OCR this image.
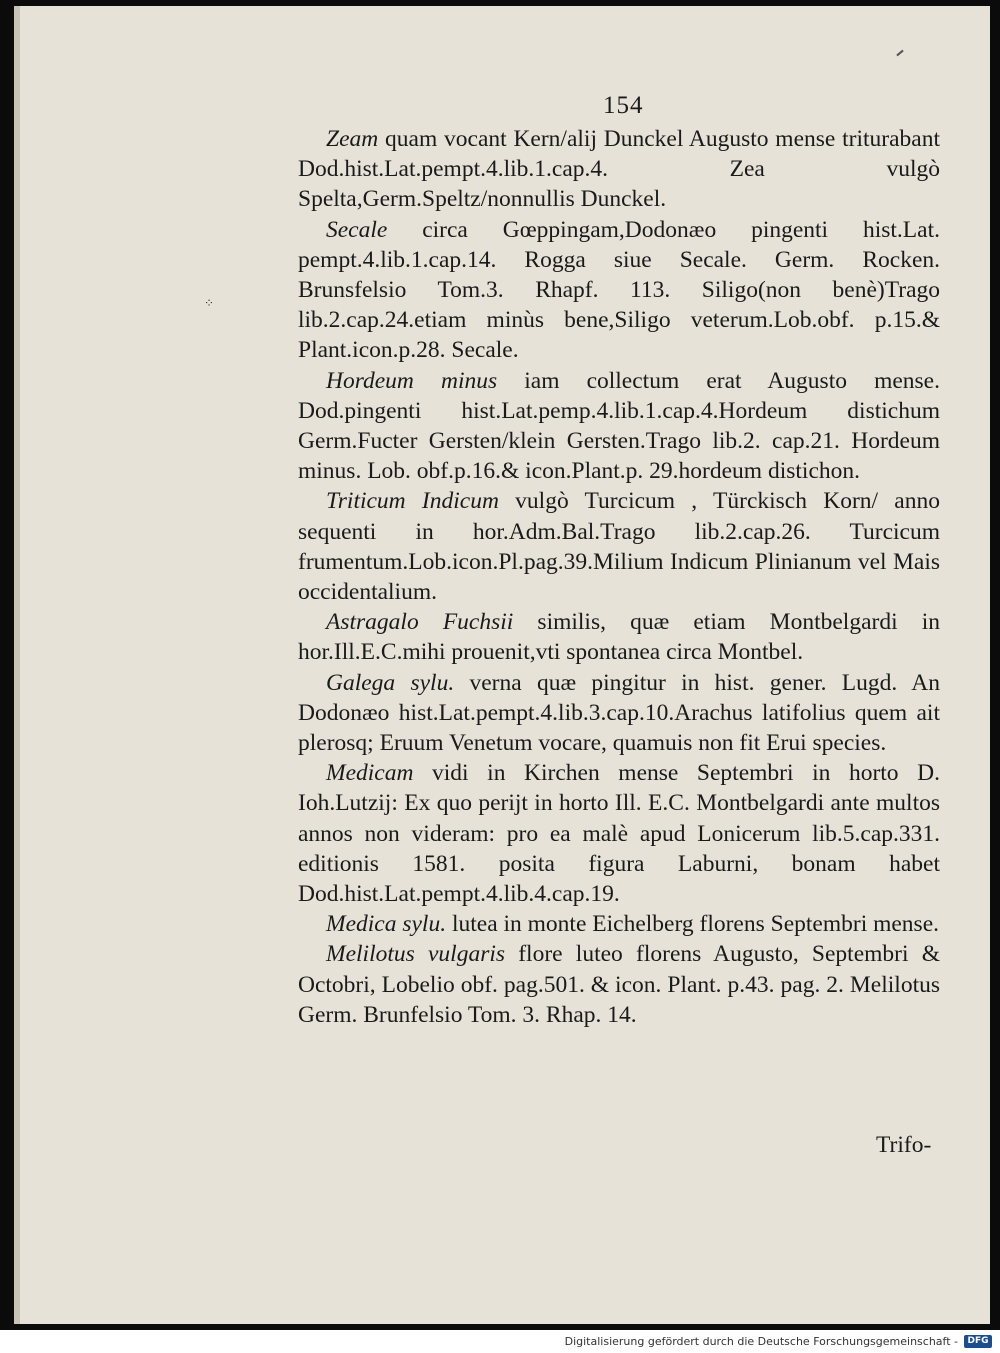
⁘
154

Zeam quam vocant Kern/alij Dunckel Augusto mense triturabant Dod.hist.Lat.pempt.4.lib.1.cap.4. Zea vulgò Spelta,Germ.Speltz/nonnullis Dunckel.

Secale circa Gœppingam,Dodonæo pingenti hist.Lat. pempt.4.lib.1.cap.14. Rogga siue Secale. Germ. Rocken. Brunsfelsio Tom.3. Rhapf. 113. Siligo(non benè)Trago lib.2.cap.24.etiam minùs bene,Siligo veterum.Lob.obf. p.15.& Plant.icon.p.28. Secale.

Hordeum minus iam collectum erat Augusto mense. Dod.pingenti hist.Lat.pemp.4.lib.1.cap.4.Hordeum distichum Germ.Fucter Gersten/klein Gersten.Trago lib.2. cap.21. Hordeum minus. Lob. obf.p.16.& icon.Plant.p. 29.hordeum distichon.

Triticum Indicum vulgò Turcicum , Türckisch Korn/ anno sequenti in hor.Adm.Bal.Trago lib.2.cap.26. Turcicum frumentum.Lob.icon.Pl.pag.39.Milium Indicum Plinianum vel Mais occidentalium.

Astragalo Fuchsii similis, quæ etiam Montbelgardi in hor.Ill.E.C.mihi prouenit,vti spontanea circa Montbel.

Galega sylu. verna quæ pingitur in hist. gener. Lugd. An Dodonæo hist.Lat.pempt.4.lib.3.cap.10.Arachus latifolius quem ait plerosq; Eruum Venetum vocare, quamuis non fit Erui species.

Medicam vidi in Kirchen mense Septembri in horto D. Ioh.Lutzij: Ex quo perijt in horto Ill. E.C. Montbelgardi ante multos annos non videram: pro ea malè apud Lonicerum lib.5.cap.331. editionis 1581. posita figura Laburni, bonam habet Dod.hist.Lat.pempt.4.lib.4.cap.19.

Medica sylu. lutea in monte Eichelberg florens Septembri mense.

Melilotus vulgaris flore luteo florens Augusto, Septembri & Octobri, Lobelio obf. pag.501. & icon. Plant. p.43. pag. 2. Melilotus Germ. Brunfelsio Tom. 3. Rhap. 14.

Trifo-
Digitalisierung gefördert durch die Deutsche Forschungsgemeinschaft -	DFG
